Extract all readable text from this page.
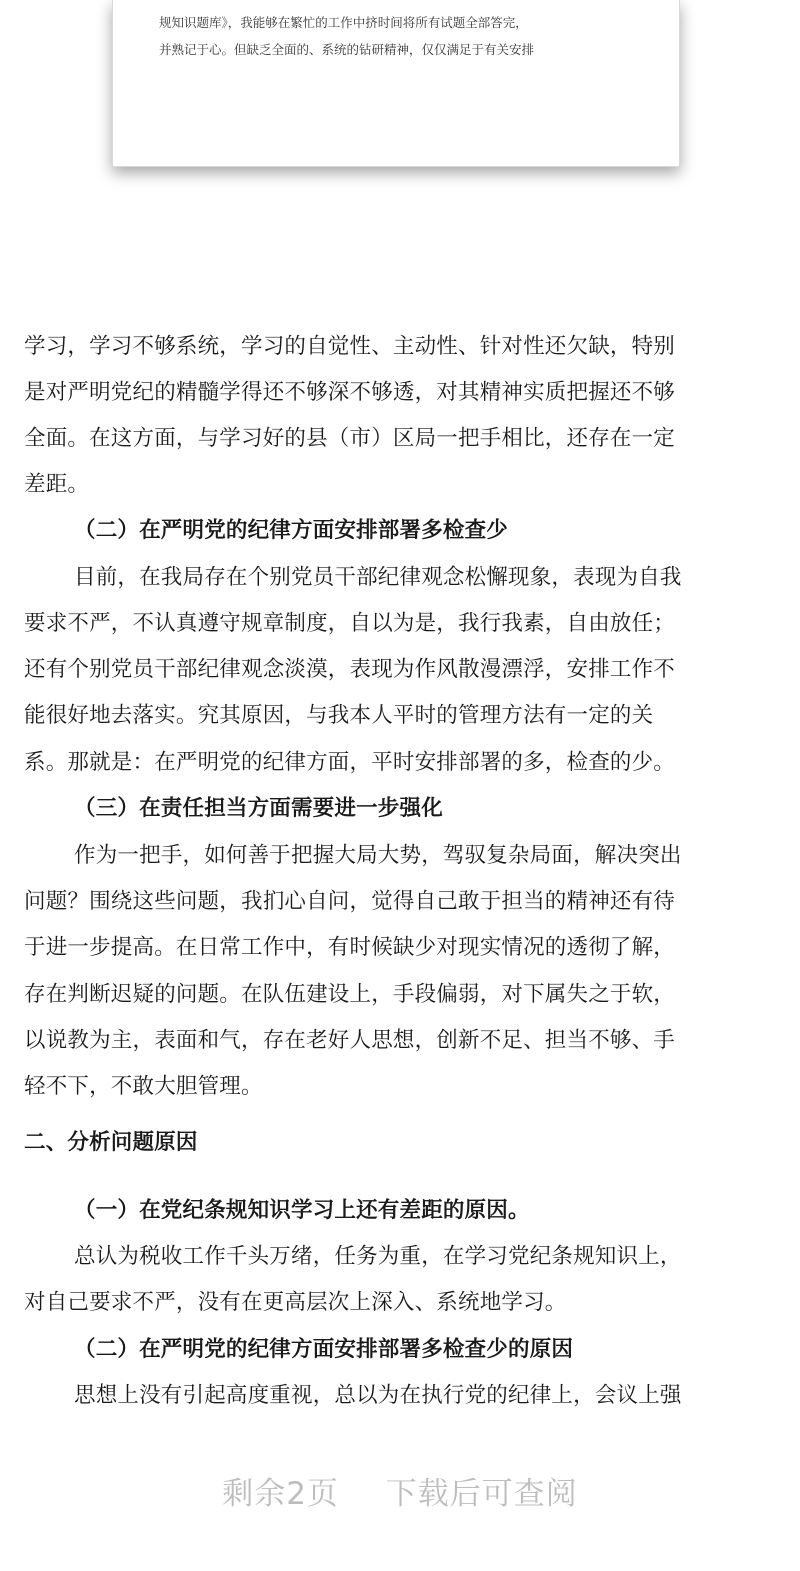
规知识题库》，我能够在繁忙的工作中挤时间将所有试题全部答完，
并熟记于心。但缺乏全面的、系统的钻研精神，仅仅满足于有关安排
学习，学习不够系统，学习的自觉性、主动性、针对性还欠缺，特别
是对严明党纪的精髓学得还不够深不够透，对其精神实质把握还不够
全面。在这方面，与学习好的县（市）区局一把手相比，还存在一定
差距。
（二）在严明党的纪律方面安排部署多检查少
目前，在我局存在个别党员干部纪律观念松懈现象，表现为自我
要求不严，不认真遵守规章制度，自以为是，我行我素，自由放任；
还有个别党员干部纪律观念淡漠，表现为作风散漫漂浮，安排工作不
能很好地去落实。究其原因，与我本人平时的管理方法有一定的关
系。那就是：在严明党的纪律方面，平时安排部署的多，检查的少。
（三）在责任担当方面需要进一步强化
作为一把手，如何善于把握大局大势，驾驭复杂局面，解决突出
问题？围绕这些问题，我扪心自问，觉得自己敢于担当的精神还有待
于进一步提高。在日常工作中，有时候缺少对现实情况的透彻了解，
存在判断迟疑的问题。在队伍建设上，手段偏弱，对下属失之于软，
以说教为主，表面和气，存在老好人思想，创新不足、担当不够、手
轻不下，不敢大胆管理。
二、分析问题原因
（一）在党纪条规知识学习上还有差距的原因。
总认为税收工作千头万绪，任务为重，在学习党纪条规知识上，
对自己要求不严，没有在更高层次上深入、系统地学习。
（二）在严明党的纪律方面安排部署多检查少的原因
思想上没有引起高度重视，总以为在执行党的纪律上，会议上强
剩余2页 下载后可查阅
